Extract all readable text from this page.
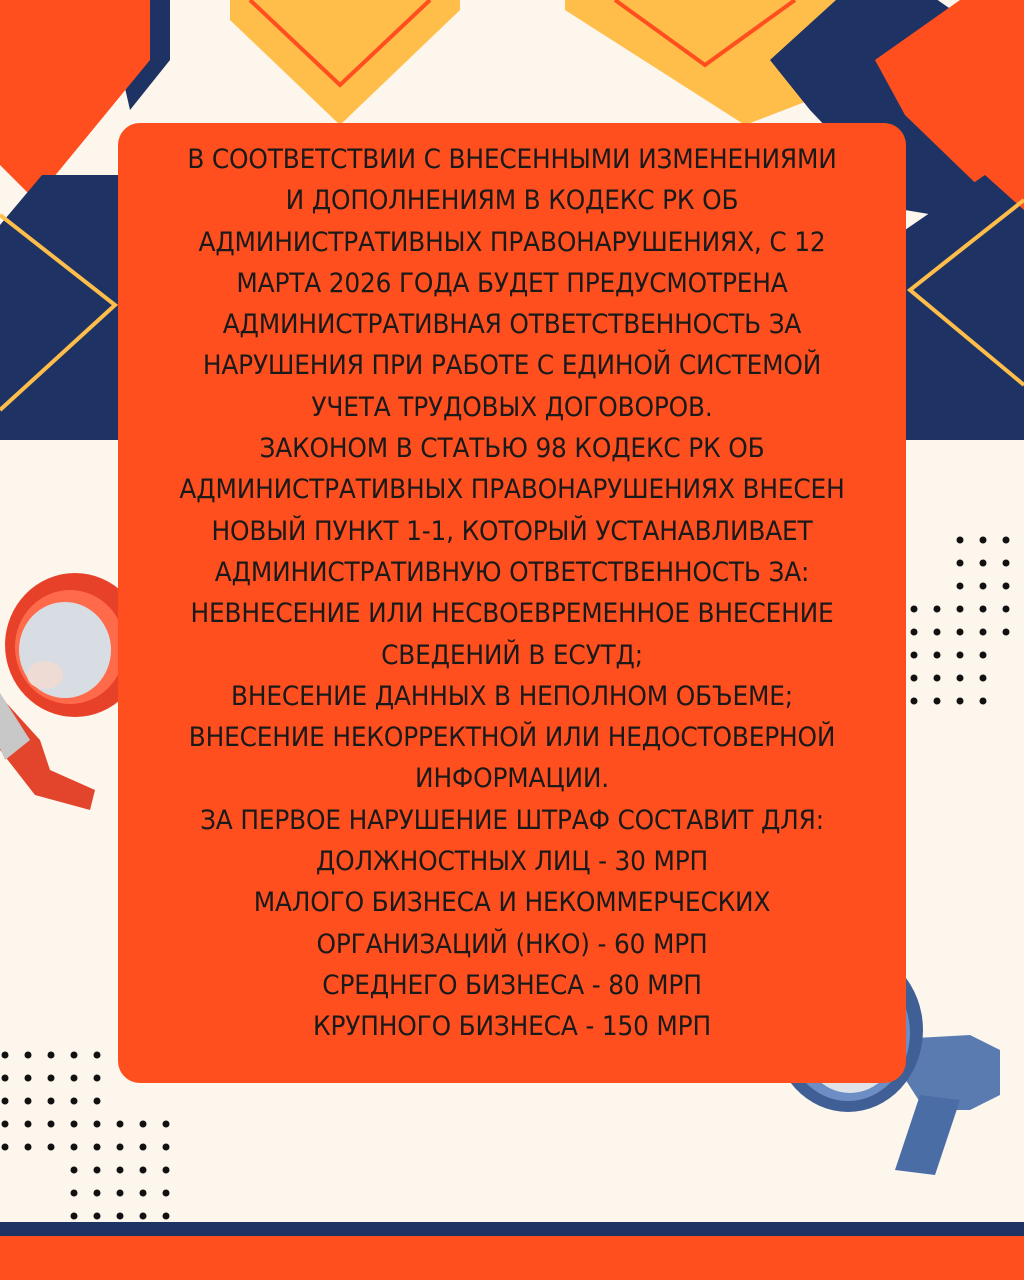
В СООТВЕТСТВИИ С ВНЕСЕННЫМИ ИЗМЕНЕНИЯМИ
И ДОПОЛНЕНИЯМ В КОДЕКС РК ОБ
АДМИНИСТРАТИВНЫХ ПРАВОНАРУШЕНИЯХ, С 12
МАРТА 2026 ГОДА БУДЕТ ПРЕДУСМОТРЕНА
АДМИНИСТРАТИВНАЯ ОТВЕТСТВЕННОСТЬ ЗА
НАРУШЕНИЯ ПРИ РАБОТЕ С ЕДИНОЙ СИСТЕМОЙ
УЧЕТА ТРУДОВЫХ ДОГОВОРОВ.
ЗАКОНОМ В СТАТЬЮ 98 КОДЕКС РК ОБ
АДМИНИСТРАТИВНЫХ ПРАВОНАРУШЕНИЯХ ВНЕСЕН
НОВЫЙ ПУНКТ 1-1, КОТОРЫЙ УСТАНАВЛИВАЕТ
АДМИНИСТРАТИВНУЮ ОТВЕТСТВЕННОСТЬ ЗА:
НЕВНЕСЕНИЕ ИЛИ НЕСВОЕВРЕМЕННОЕ ВНЕСЕНИЕ
СВЕДЕНИЙ В ЕСУТД;
ВНЕСЕНИЕ ДАННЫХ В НЕПОЛНОМ ОБЪЕМЕ;
ВНЕСЕНИЕ НЕКОРРЕКТНОЙ ИЛИ НЕДОСТОВЕРНОЙ
ИНФОРМАЦИИ.
ЗА ПЕРВОЕ НАРУШЕНИЕ ШТРАФ СОСТАВИТ ДЛЯ:
ДОЛЖНОСТНЫХ ЛИЦ - 30 МРП
МАЛОГО БИЗНЕСА И НЕКОММЕРЧЕСКИХ
ОРГАНИЗАЦИЙ (НКО) - 60 МРП
СРЕДНЕГО БИЗНЕСА - 80 МРП
КРУПНОГО БИЗНЕСА - 150 МРП
